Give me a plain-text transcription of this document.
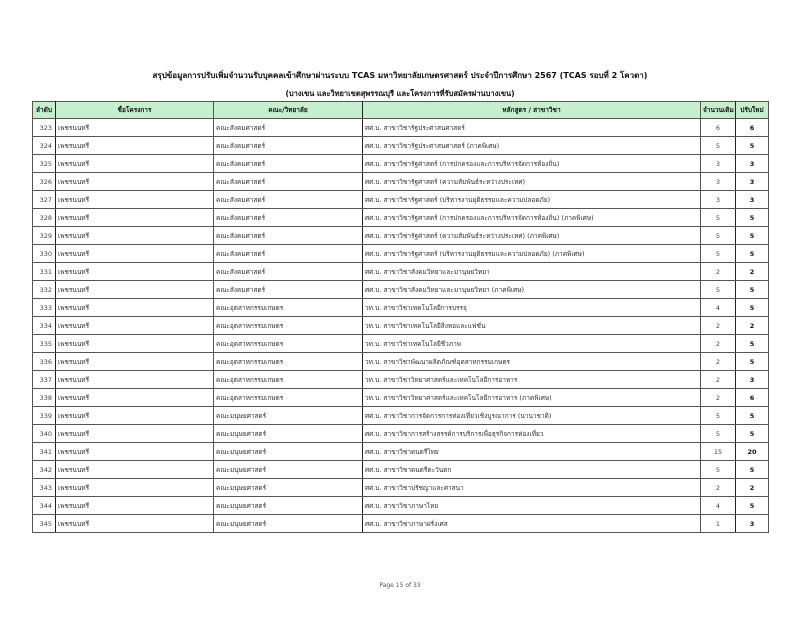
สรุปข้อมูลการปรับเพิ่มจำนวนรับบุคคลเข้าศึกษาผ่านระบบ TCAS มหาวิทยาลัยเกษตรศาสตร์ ประจำปีการศึกษา 2567 (TCAS รอบที่ 2 โควตา)
(บางเขน และวิทยาเขตสุพรรณบุรี และโครงการที่รับสมัครผ่านบางเขน)
ลำดับ	ชื่อโครงการ	คณะ/วิทยาลัย	หลักสูตร / สาขาวิชา	จำนวนเดิม	ปรับใหม่
323	เพชรนนทรี	คณะสังคมศาสตร์	ศศ.บ. สาขาวิชารัฐประศาสนศาสตร์	6	6
324	เพชรนนทรี	คณะสังคมศาสตร์	ศศ.บ. สาขาวิชารัฐประศาสนศาสตร์ (ภาคพิเศษ)	5	5
325	เพชรนนทรี	คณะสังคมศาสตร์	ศศ.บ. สาขาวิชารัฐศาสตร์ (การปกครองและการบริหารจัดการท้องถิ่น)	3	3
326	เพชรนนทรี	คณะสังคมศาสตร์	ศศ.บ. สาขาวิชารัฐศาสตร์ (ความสัมพันธ์ระหว่างประเทศ)	3	3
327	เพชรนนทรี	คณะสังคมศาสตร์	ศศ.บ. สาขาวิชารัฐศาสตร์ (บริหารงานยุติธรรมและความปลอดภัย)	3	3
328	เพชรนนทรี	คณะสังคมศาสตร์	ศศ.บ. สาขาวิชารัฐศาสตร์ (การปกครองและการบริหารจัดการท้องถิ่น) (ภาคพิเศษ)	5	5
329	เพชรนนทรี	คณะสังคมศาสตร์	ศศ.บ. สาขาวิชารัฐศาสตร์ (ความสัมพันธ์ระหว่างประเทศ) (ภาคพิเศษ)	5	5
330	เพชรนนทรี	คณะสังคมศาสตร์	ศศ.บ. สาขาวิชารัฐศาสตร์ (บริหารงานยุติธรรมและความปลอดภัย) (ภาคพิเศษ)	5	5
331	เพชรนนทรี	คณะสังคมศาสตร์	ศศ.บ. สาขาวิชาสังคมวิทยาและมานุษยวิทยา	2	2
332	เพชรนนทรี	คณะสังคมศาสตร์	ศศ.บ. สาขาวิชาสังคมวิทยาและมานุษยวิทยา (ภาคพิเศษ)	5	5
333	เพชรนนทรี	คณะอุตสาหกรรมเกษตร	วท.บ. สาขาวิชาเทคโนโลยีการบรรจุ	4	5
334	เพชรนนทรี	คณะอุตสาหกรรมเกษตร	วท.บ. สาขาวิชาเทคโนโลยีสิ่งทอและแฟชั่น	2	2
335	เพชรนนทรี	คณะอุตสาหกรรมเกษตร	วท.บ. สาขาวิชาเทคโนโลยีชีวภาพ	2	5
336	เพชรนนทรี	คณะอุตสาหกรรมเกษตร	วท.บ. สาขาวิชาพัฒนาผลิตภัณฑ์อุตสาหกรรมเกษตร	2	5
337	เพชรนนทรี	คณะอุตสาหกรรมเกษตร	วท.บ. สาขาวิชาวิทยาศาสตร์และเทคโนโลยีการอาหาร	2	3
338	เพชรนนทรี	คณะอุตสาหกรรมเกษตร	วท.บ. สาขาวิชาวิทยาศาสตร์และเทคโนโลยีการอาหาร (ภาคพิเศษ)	2	6
339	เพชรนนทรี	คณะมนุษยศาสตร์	ศศ.บ. สาขาวิชาการจัดการการท่องเที่ยวเชิงบูรณาการ (นานาชาติ)	5	5
340	เพชรนนทรี	คณะมนุษยศาสตร์	ศศ.บ. สาขาวิชาการสร้างสรรค์การบริการเพื่อธุรกิจการท่องเที่ยว	5	5
341	เพชรนนทรี	คณะมนุษยศาสตร์	ศศ.บ. สาขาวิชาดนตรีไทย	15	20
342	เพชรนนทรี	คณะมนุษยศาสตร์	ศศ.บ. สาขาวิชาดนตรีตะวันตก	5	5
343	เพชรนนทรี	คณะมนุษยศาสตร์	ศศ.บ. สาขาวิชาปรัชญาและศาสนา	2	2
344	เพชรนนทรี	คณะมนุษยศาสตร์	ศศ.บ. สาขาวิชาภาษาไทย	4	5
345	เพชรนนทรี	คณะมนุษยศาสตร์	ศศ.บ. สาขาวิชาภาษาฝรั่งเศส	1	3
Page 15 of 33
